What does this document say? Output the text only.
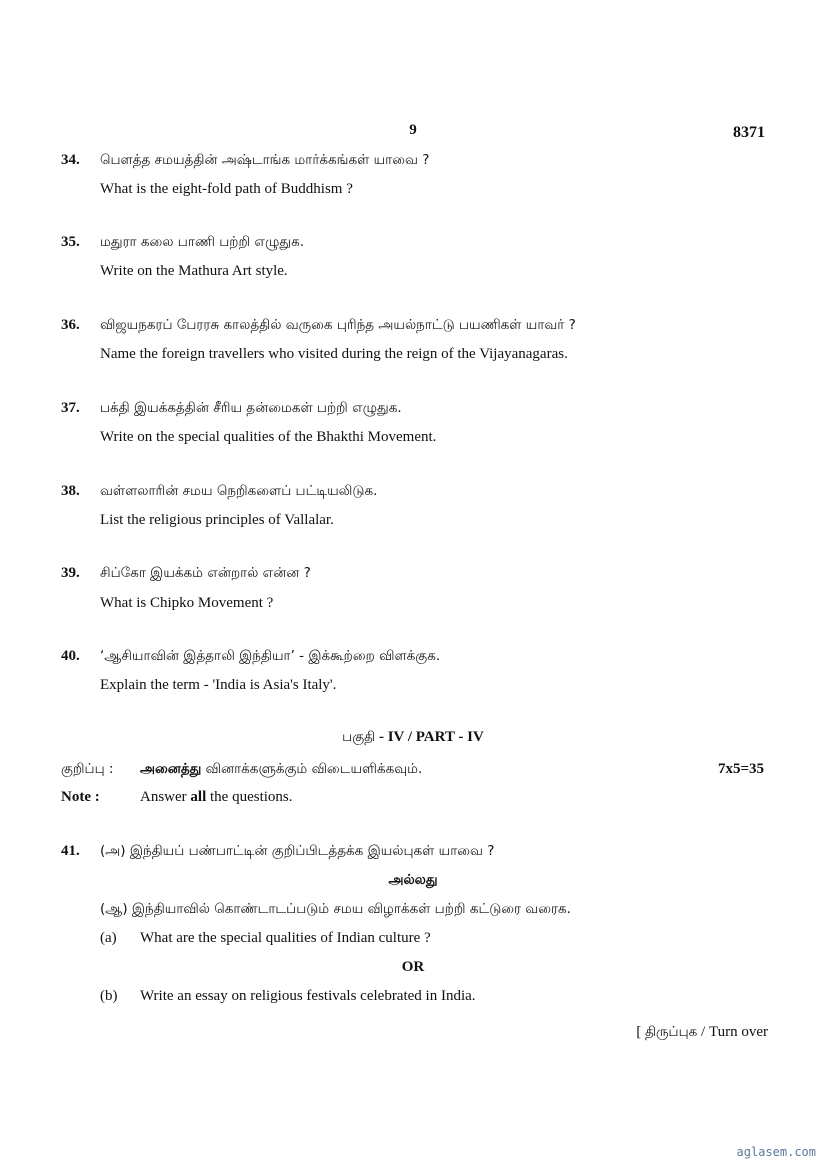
9	8371
34. பௌத்த சமயத்தின் அஷ்டாங்க மார்க்கங்கள் யாவை ?
What is the eight-fold path of Buddhism ?
35. மதுரா கலை பாணி பற்றி எழுதுக.
Write on the Mathura Art style.
36. விஜயநகரப் பேரரசு காலத்தில் வருகை புரிந்த அயல்நாட்டு பயணிகள் யாவர் ?
Name the foreign travellers who visited during the reign of the Vijayanagaras.
37. பக்தி இயக்கத்தின் சீரிய தன்மைகள் பற்றி எழுதுக.
Write on the special qualities of the Bhakthi Movement.
38. வள்ளலாரின் சமய நெறிகளைப் பட்டியலிடுக.
List the religious principles of Vallalar.
39. சிப்கோ இயக்கம் என்றால் என்ன ?
What is Chipko Movement ?
40. ‘ஆசியாவின் இத்தாலி இந்தியா’ - இக்கூற்றை விளக்குக.
Explain the term - 'India is Asia's Italy'.
பகுதி - IV / PART - IV
குறிப்பு : அனைத்து வினாக்களுக்கும் விடையளிக்கவும்.	7x5=35
Note :	Answer all the questions.
41. (அ) இந்தியப் பண்பாட்டின் குறிப்பிடத்தக்க இயல்புகள் யாவை ?
அல்லது
(ஆ) இந்தியாவில் கொண்டாடப்படும் சமய விழாக்கள் பற்றி கட்டுரை வரைக.
(a) What are the special qualities of Indian culture ?
OR
(b) Write an essay on religious festivals celebrated in India.
[ திருப்புக / Turn over
aglasem.com
